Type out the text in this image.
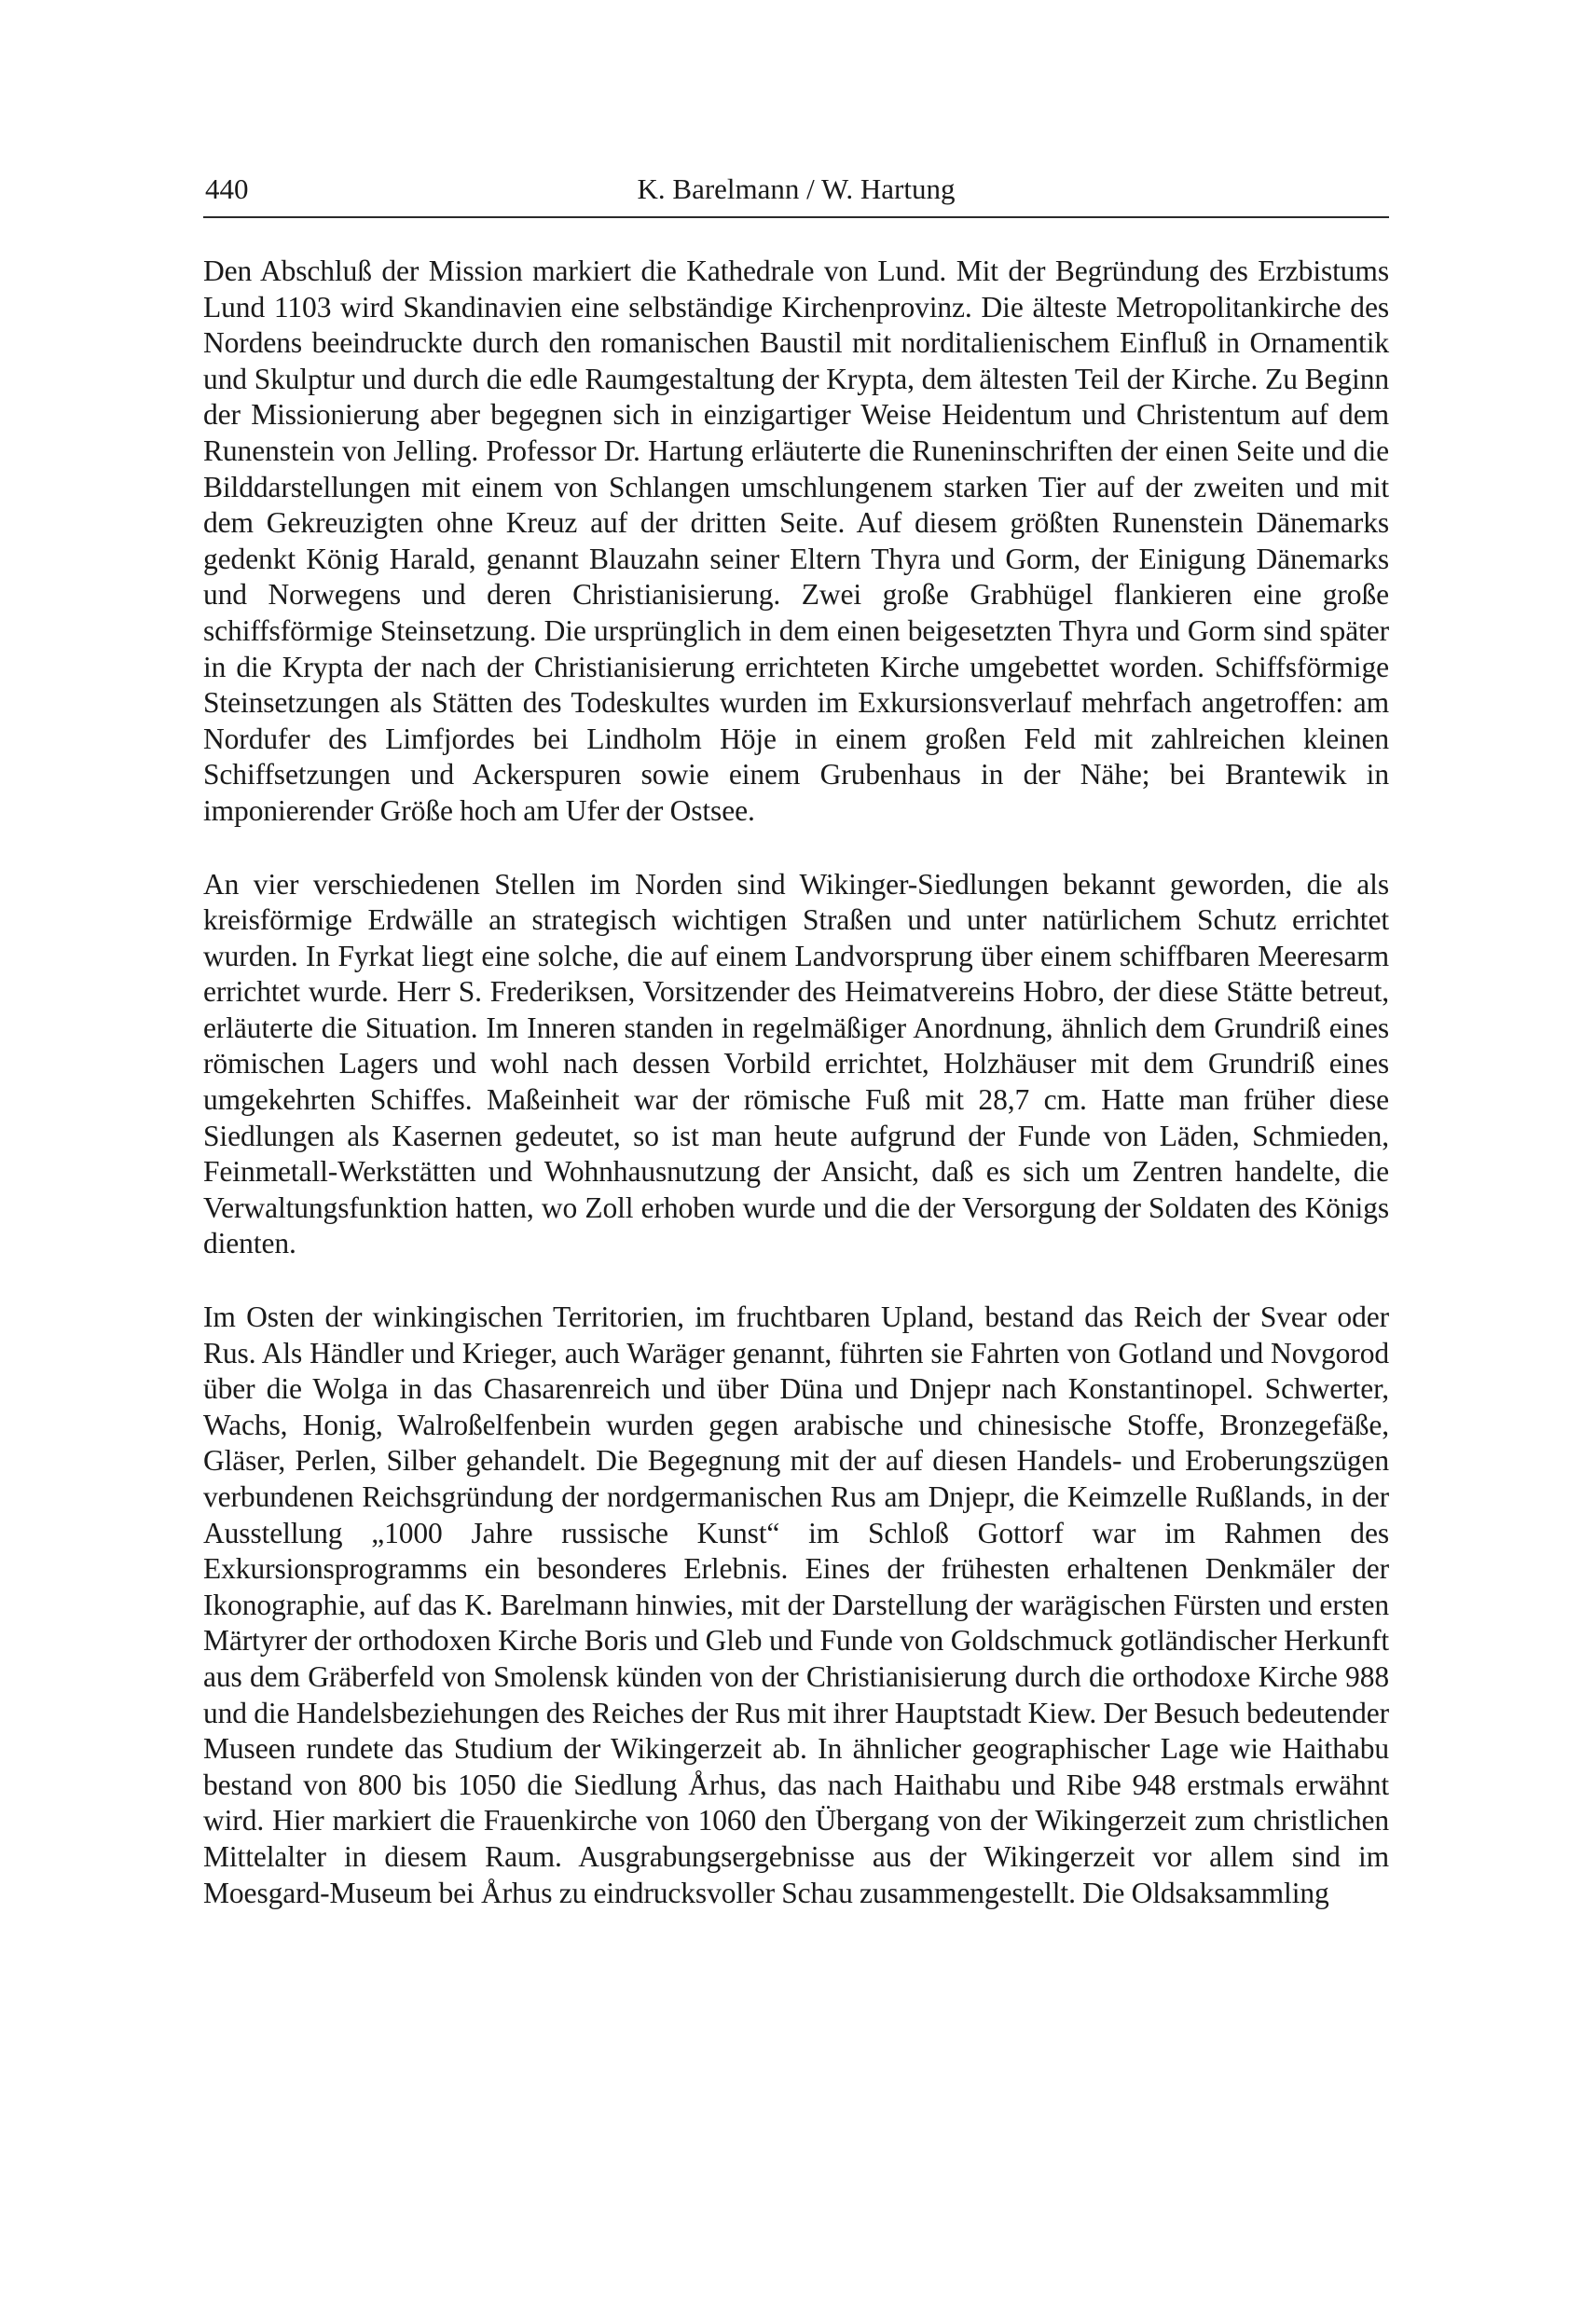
440	K. Barelmann / W. Hartung

Den Abschluß der Mission markiert die Kathedrale von Lund. Mit der Begründung des Erzbistums Lund 1103 wird Skandinavien eine selbständige Kirchenprovinz. Die älteste Metropolitankirche des Nordens beeindruckte durch den romanischen Baustil mit norditalienischem Einfluß in Ornamentik und Skulptur und durch die edle Raumgestaltung der Krypta, dem ältesten Teil der Kirche. Zu Beginn der Missionierung aber begegnen sich in einzigartiger Weise Heidentum und Christentum auf dem Runenstein von Jelling. Professor Dr. Hartung erläuterte die Runeninschriften der einen Seite und die Bilddarstellungen mit einem von Schlangen umschlungenem starken Tier auf der zweiten und mit dem Gekreuzigten ohne Kreuz auf der dritten Seite. Auf diesem größten Runenstein Dänemarks gedenkt König Harald, genannt Blauzahn seiner Eltern Thyra und Gorm, der Einigung Dänemarks und Norwegens und deren Christianisierung. Zwei große Grabhügel flankieren eine große schiffsförmige Steinsetzung. Die ursprünglich in dem einen beigesetzten Thyra und Gorm sind später in die Krypta der nach der Christianisierung errichteten Kirche umgebettet worden. Schiffsförmige Steinsetzungen als Stätten des Todeskultes wurden im Exkursionsverlauf mehrfach angetroffen: am Nordufer des Limfjordes bei Lindholm Höje in einem großen Feld mit zahlreichen kleinen Schiffsetzungen und Ackerspuren sowie einem Grubenhaus in der Nähe; bei Brantewik in imponierender Größe hoch am Ufer der Ostsee.

An vier verschiedenen Stellen im Norden sind Wikinger-Siedlungen bekannt geworden, die als kreisförmige Erdwälle an strategisch wichtigen Straßen und unter natürlichem Schutz errichtet wurden. In Fyrkat liegt eine solche, die auf einem Landvorsprung über einem schiffbaren Meeresarm errichtet wurde. Herr S. Frederiksen, Vorsitzender des Heimatvereins Hobro, der diese Stätte betreut, erläuterte die Situation. Im Inneren standen in regelmäßiger Anordnung, ähnlich dem Grundriß eines römischen Lagers und wohl nach dessen Vorbild errichtet, Holzhäuser mit dem Grundriß eines umgekehrten Schiffes. Maßeinheit war der römische Fuß mit 28,7 cm. Hatte man früher diese Siedlungen als Kasernen gedeutet, so ist man heute aufgrund der Funde von Läden, Schmieden, Feinmetall-Werkstätten und Wohnhausnutzung der Ansicht, daß es sich um Zentren handelte, die Verwaltungsfunktion hatten, wo Zoll erhoben wurde und die der Versorgung der Soldaten des Königs dienten.

Im Osten der winkingischen Territorien, im fruchtbaren Upland, bestand das Reich der Svear oder Rus. Als Händler und Krieger, auch Waräger genannt, führten sie Fahrten von Gotland und Novgorod über die Wolga in das Chasarenreich und über Düna und Dnjepr nach Konstantinopel. Schwerter, Wachs, Honig, Walroßelfenbein wurden gegen arabische und chinesische Stoffe, Bronzegefäße, Gläser, Perlen, Silber gehandelt. Die Begegnung mit der auf diesen Handels- und Eroberungszügen verbundenen Reichsgründung der nordgermanischen Rus am Dnjepr, die Keimzelle Rußlands, in der Ausstellung „1000 Jahre russische Kunst“ im Schloß Gottorf war im Rahmen des Exkursionsprogramms ein besonderes Erlebnis. Eines der frühesten erhaltenen Denkmäler der Ikonographie, auf das K. Barelmann hinwies, mit der Darstellung der warägischen Fürsten und ersten Märtyrer der orthodoxen Kirche Boris und Gleb und Funde von Goldschmuck gotländischer Herkunft aus dem Gräberfeld von Smolensk künden von der Christianisierung durch die orthodoxe Kirche 988 und die Handelsbeziehungen des Reiches der Rus mit ihrer Hauptstadt Kiew. Der Besuch bedeutender Museen rundete das Studium der Wikingerzeit ab. In ähnlicher geographischer Lage wie Haithabu bestand von 800 bis 1050 die Siedlung Århus, das nach Haithabu und Ribe 948 erstmals erwähnt wird. Hier markiert die Frauenkirche von 1060 den Übergang von der Wikingerzeit zum christlichen Mittelalter in diesem Raum. Ausgrabungsergebnisse aus der Wikingerzeit vor allem sind im Moesgard-Museum bei Århus zu eindrucksvoller Schau zusammengestellt. Die Oldsaksammling
